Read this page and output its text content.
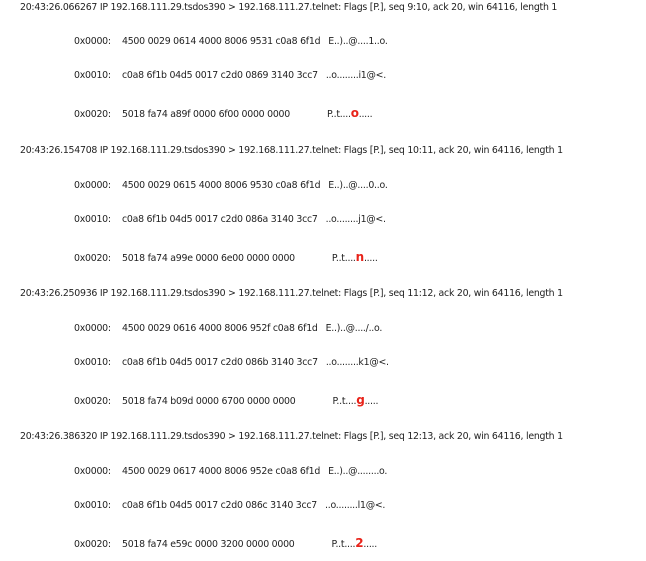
20:43:26.066267 IP 192.168.111.29.tsdos390 > 192.168.111.27.telnet: Flags [P.], seq 9:10, ack 20, win 64116, length 1
0x0000: 4500 0029 0614 4000 8006 9531 c0a8 6f1d E..)..@....1..o.
0x0010: c0a8 6f1b 04d5 0017 c2d0 0869 3140 3cc7 ..o........i1@<.
0x0020: 5018 fa74 a89f 0000 6f00 0000 0000	P..t....o.....
20:43:26.154708 IP 192.168.111.29.tsdos390 > 192.168.111.27.telnet: Flags [P.], seq 10:11, ack 20, win 64116, length 1
0x0000: 4500 0029 0615 4000 8006 9530 c0a8 6f1d E..)..@....0..o.
0x0010: c0a8 6f1b 04d5 0017 c2d0 086a 3140 3cc7 ..o........j1@<.
0x0020: 5018 fa74 a99e 0000 6e00 0000 0000	P..t....n.....
20:43:26.250936 IP 192.168.111.29.tsdos390 > 192.168.111.27.telnet: Flags [P.], seq 11:12, ack 20, win 64116, length 1
0x0000: 4500 0029 0616 4000 8006 952f c0a8 6f1d E..)..@..../..o.
0x0010: c0a8 6f1b 04d5 0017 c2d0 086b 3140 3cc7 ..o........k1@<.
0x0020: 5018 fa74 b09d 0000 6700 0000 0000	P..t....g.....
20:43:26.386320 IP 192.168.111.29.tsdos390 > 192.168.111.27.telnet: Flags [P.], seq 12:13, ack 20, win 64116, length 1
0x0000: 4500 0029 0617 4000 8006 952e c0a8 6f1d E..)..@........o.
0x0010: c0a8 6f1b 04d5 0017 c2d0 086c 3140 3cc7 ..o........l1@<.
0x0020: 5018 fa74 e59c 0000 3200 0000 0000	P..t....2.....
